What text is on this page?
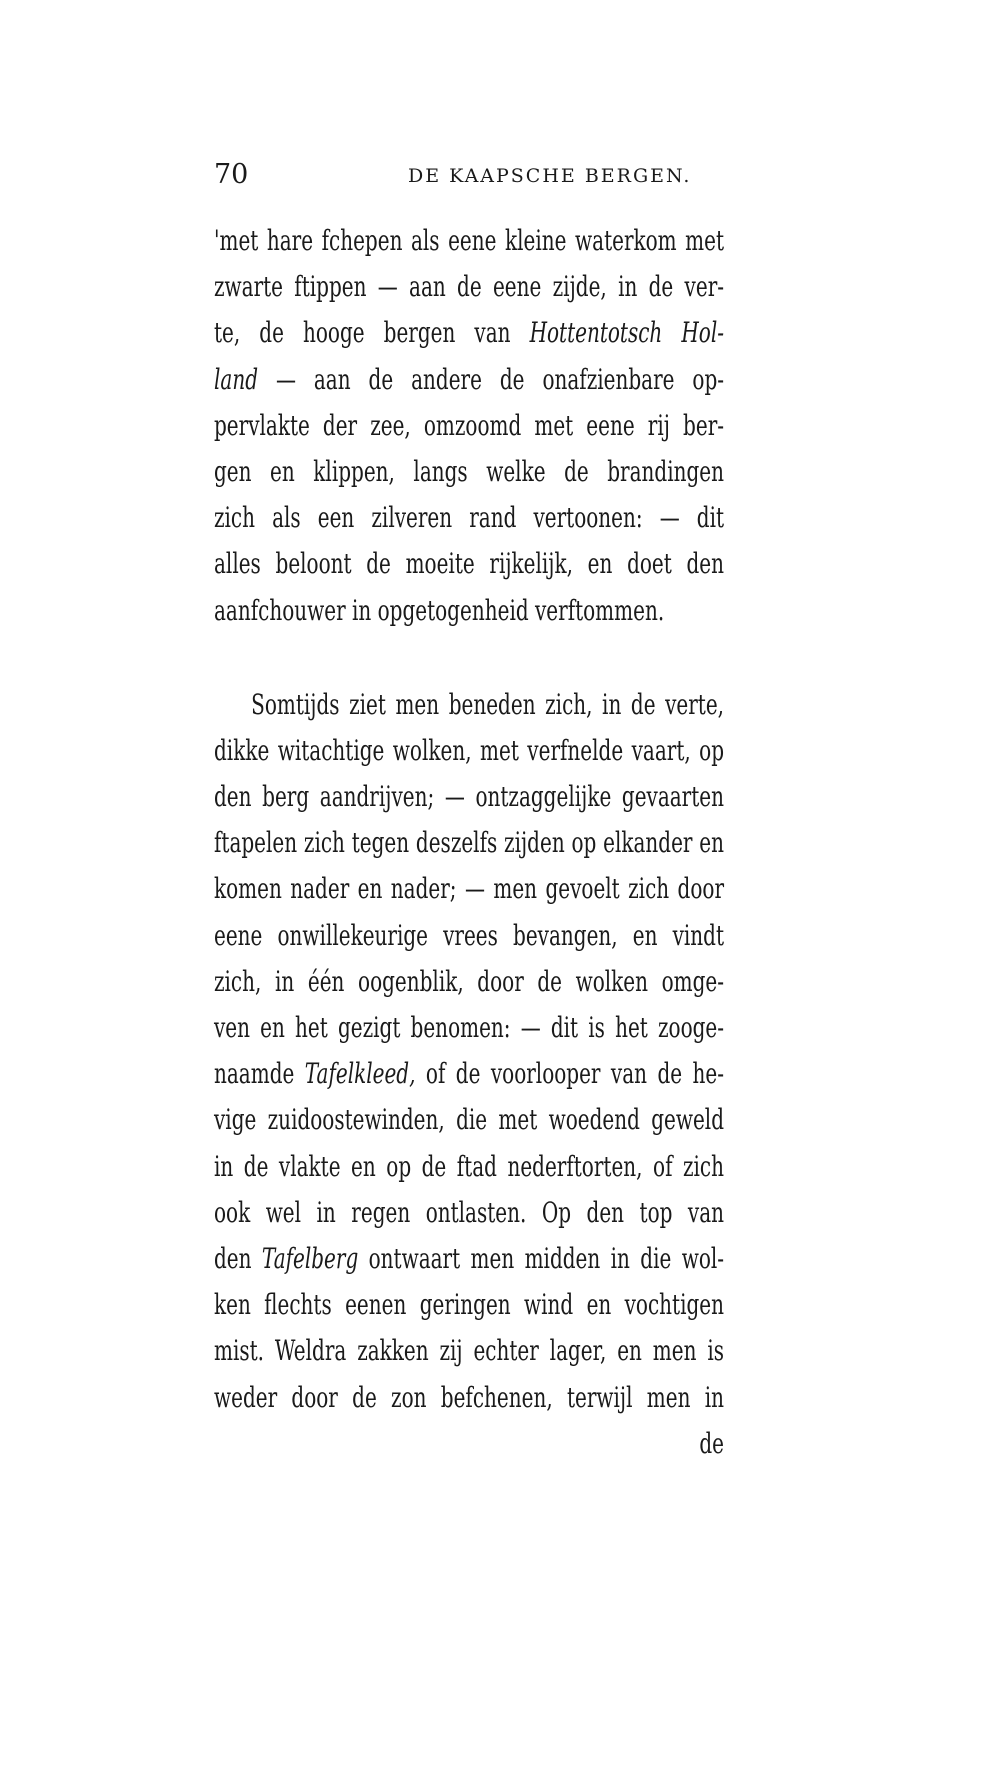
70	DE KAAPSCHE BERGEN.
'met hare fchepen als eene kleine waterkom met
zwarte ftippen — aan de eene zijde, in de ver-
te, de hooge bergen van Hottentotsch Hol-
land — aan de andere de onafzienbare op-
pervlakte der zee, omzoomd met eene rij ber-
gen en klippen, langs welke de brandingen
zich als een zilveren rand vertoonen: — dit
alles beloont de moeite rijkelijk, en doet den
aanfchouwer in opgetogenheid verftommen.
Somtijds ziet men beneden zich, in de verte,
dikke witachtige wolken, met verfnelde vaart, op
den berg aandrijven; — ontzaggelijke gevaarten
ftapelen zich tegen deszelfs zijden op elkander en
komen nader en nader; — men gevoelt zich door
eene onwillekeurige vrees bevangen, en vindt
zich, in één oogenblik, door de wolken omge-
ven en het gezigt benomen: — dit is het zooge-
naamde Tafelkleed, of de voorlooper van de he-
vige zuidoostewinden, die met woedend geweld
in de vlakte en op de ftad nederftorten, of zich
ook wel in regen ontlasten. Op den top van
den Tafelberg ontwaart men midden in die wol-
ken flechts eenen geringen wind en vochtigen
mist. Weldra zakken zij echter lager, en men is
weder door de zon befchenen, terwijl men in
de
